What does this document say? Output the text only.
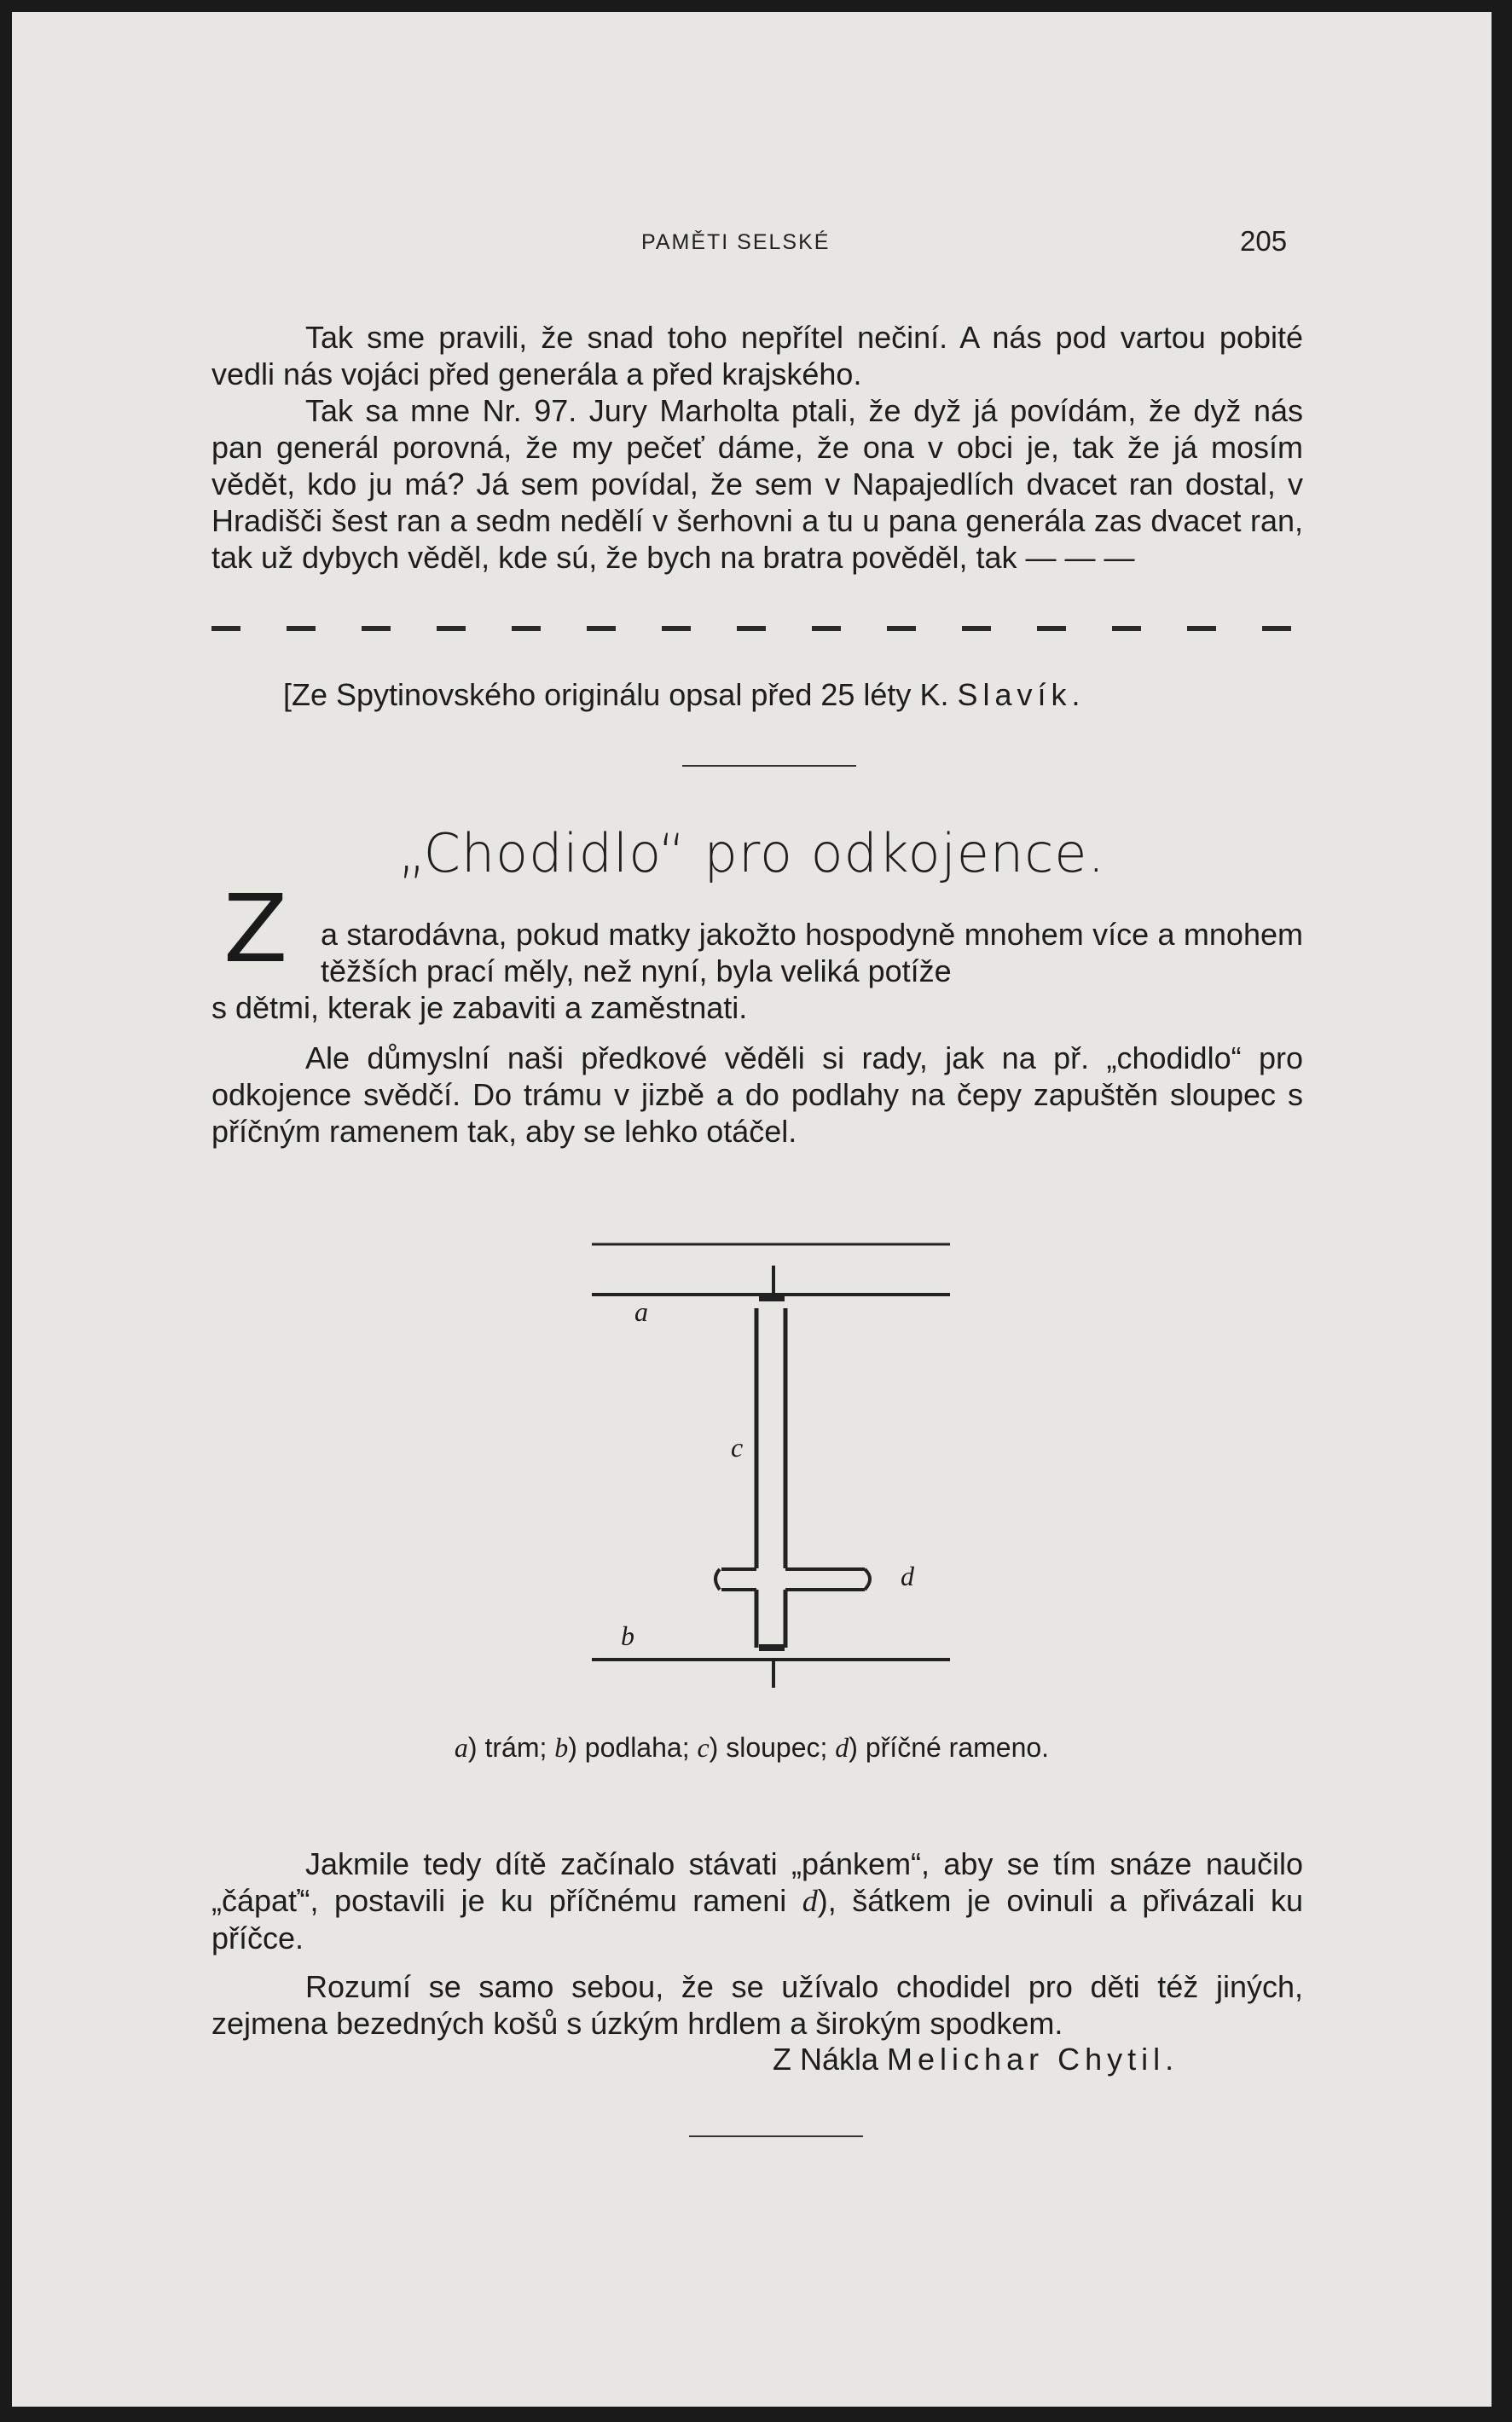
PAMĚTI SELSKÉ	205

Tak sme pravili, že snad toho nepřítel nečiní. A nás pod vartou pobité vedli nás vojáci před generála a před krajského.

Tak sa mne Nr. 97. Jury Marholta ptali, že dyž já povídám, že dyž nás pan generál porovná, že my pečeť dáme, že ona v obci je, tak že já mosím vědět, kdo ju má? Já sem povídal, že sem v Napajedlích dvacet ran dostal, v Hradišči šest ran a sedm nedělí v šerhovni a tu u pana generála zas dvacet ran, tak už dybych věděl, kde sú, že bych na bratra pověděl, tak — — —

[Ze Spytinovského originálu opsal před 25 léty K. Slavík.
„Chodidlo“ pro odkojence.
Z a starodávna, pokud matky jakožto hospodyně mnohem více a mnohem těžších prací měly, než nyní, byla veliká potíže

s dětmi, kterak je zabaviti a zaměstnati.

Ale důmyslní naši předkové věděli si rady, jak na př. „chodidlo“ pro odkojence svědčí. Do trámu v jizbě a do podlahy na čepy zapuštěn sloupec s příčným ramenem tak, aby se lehko otáčel.

a
c
d
b
a) trám; b) podlaha; c) sloupec; d) příčné rameno.

Jakmile tedy dítě začínalo stávati „pánkem“, aby se tím snáze naučilo „čápať“, postavili je ku příčnému rameni d), šátkem je ovinuli a přivázali ku příčce.

Rozumí se samo sebou, že se užívalo chodidel pro děti též jiných, zejmena bezedných košů s úzkým hrdlem a širokým spodkem.

Z Nákla Melichar Chytil.
